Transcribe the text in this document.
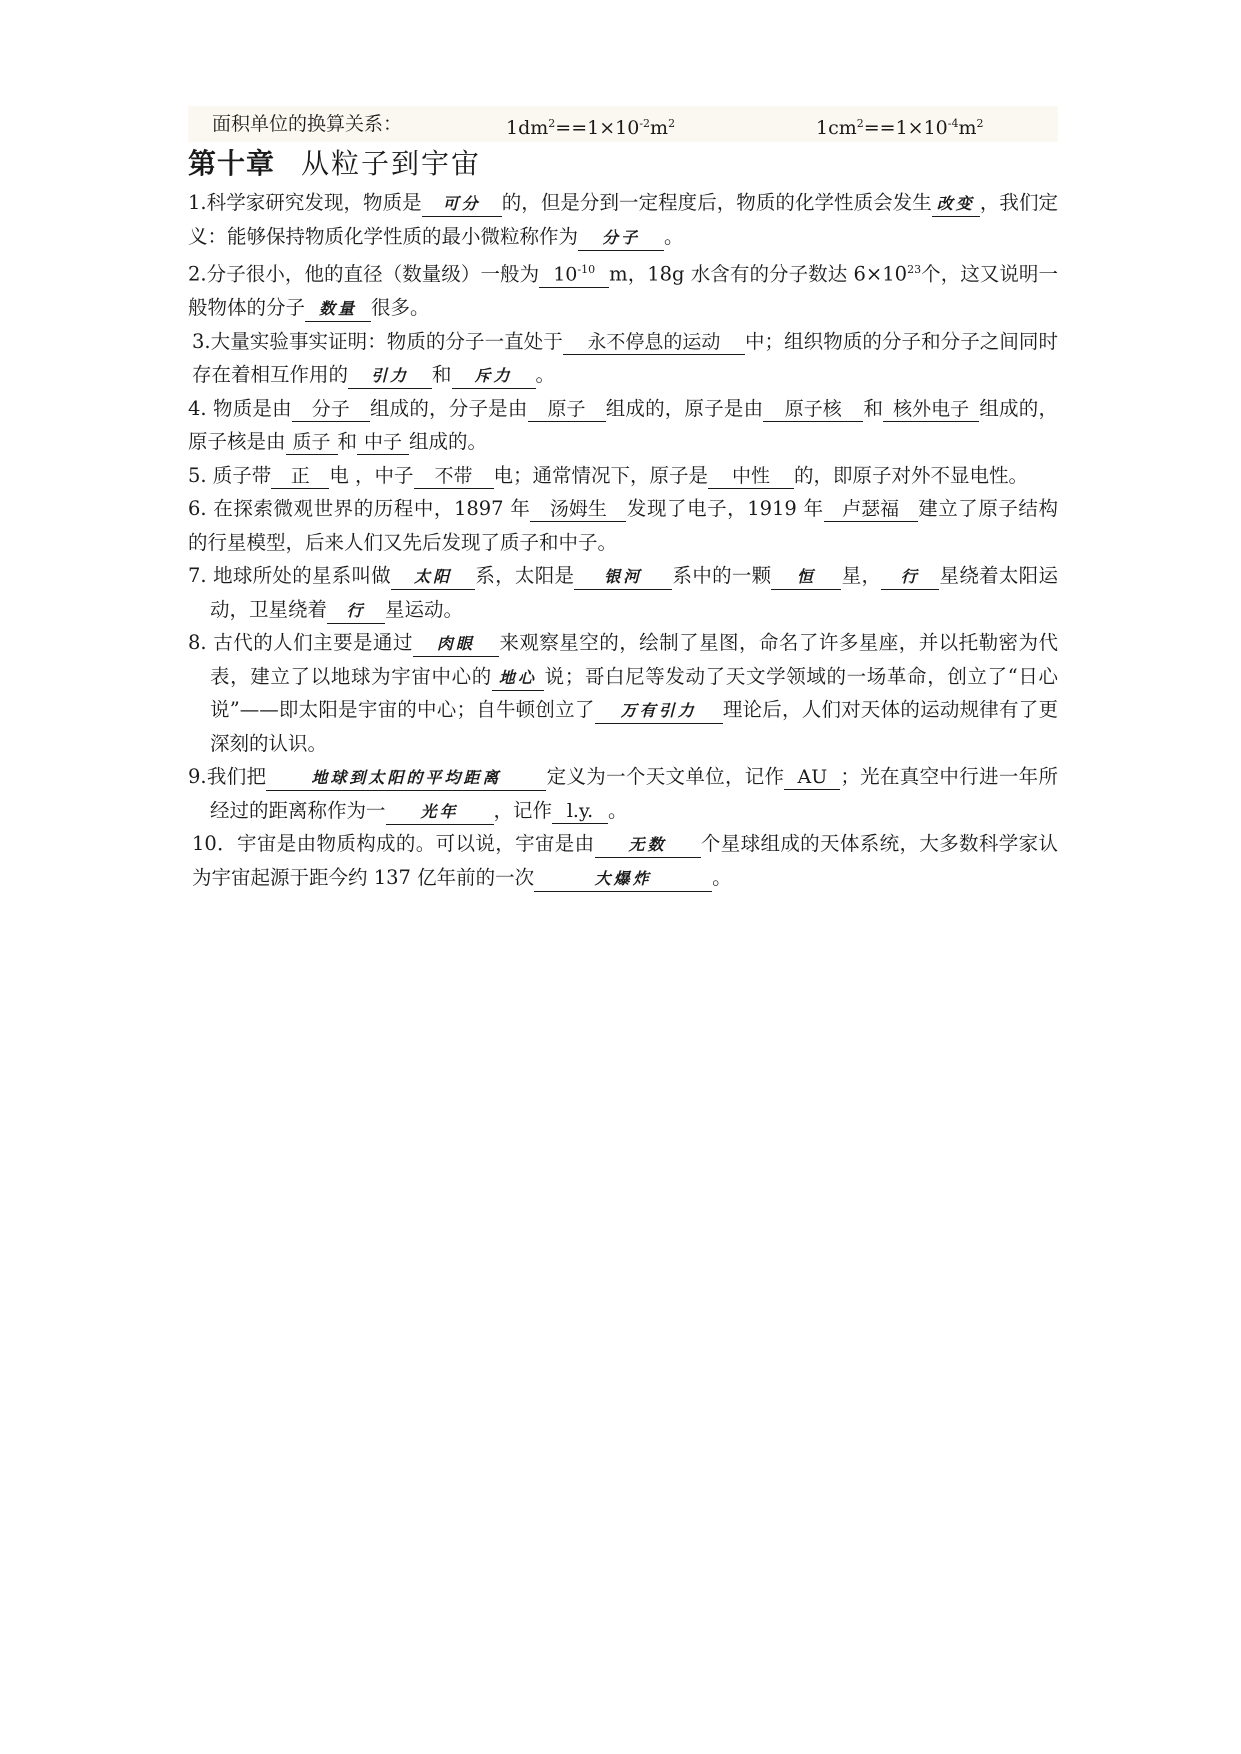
面积单位的换算关系：	$1dm^2==1\times 10^{-2}m^2$	$1cm^2==1\times 10^{-4}m^2$
第十章 从粒子到宇宙
1.科学家研究发现，物质是 可分 的，但是分到一定程度后，物质的化学性质会发生 改变 ，我们定义：能够保持物质化学性质的最小微粒称作为 分子 。
2.分子很小，他的直径（数量级）一般为 $10^{-10}$ m，18g 水含有的分子数达 $6\times 10^{23}$个，这又说明一般物体的分子 数量 很多。
3.大量实验事实证明：物质的分子一直处于 永不停息的运动 中；组织物质的分子和分子之间同时存在着相互作用的 引力 和 斥力 。
4. 物质是由 分子 组成的，分子是由 原子 组成的，原子是由 原子核 和 核外电子 组成的，原子核是由 质子 和 中子 组成的。
5. 质子带 正 电 ，中子 不带 电；通常情况下，原子是 中性 的，即原子对外不显电性。
6. 在探索微观世界的历程中，1897 年 汤姆生 发现了电子，1919 年 卢瑟福 建立了原子结构的行星模型，后来人们又先后发现了质子和中子。
7. 地球所处的星系叫做 太阳 系，太阳是 银河 系中的一颗 恒 星， 行 星绕着太阳运动，卫星绕着 行 星运动。
8. 古代的人们主要是通过 肉眼 来观察星空的，绘制了星图，命名了许多星座，并以托勒密为代表，建立了以地球为宇宙中心的 地心 说；哥白尼等发动了天文学领域的一场革命，创立了“日心说”——即太阳是宇宙的中心；自牛顿创立了 万有引力 理论后，人们对天体的运动规律有了更深刻的认识。
9.我们把	地球到太阳的平均距离 定义为一个天文单位，记作 AU ；光在真空中行进一年所经过的距离称作为一 光年 ，记作 l.y. 。
10．宇宙是由物质构成的。可以说，宇宙是由 无数 个星球组成的天体系统，大多数科学家认为宇宙起源于距今约 137 亿年前的一次	大爆炸	。
